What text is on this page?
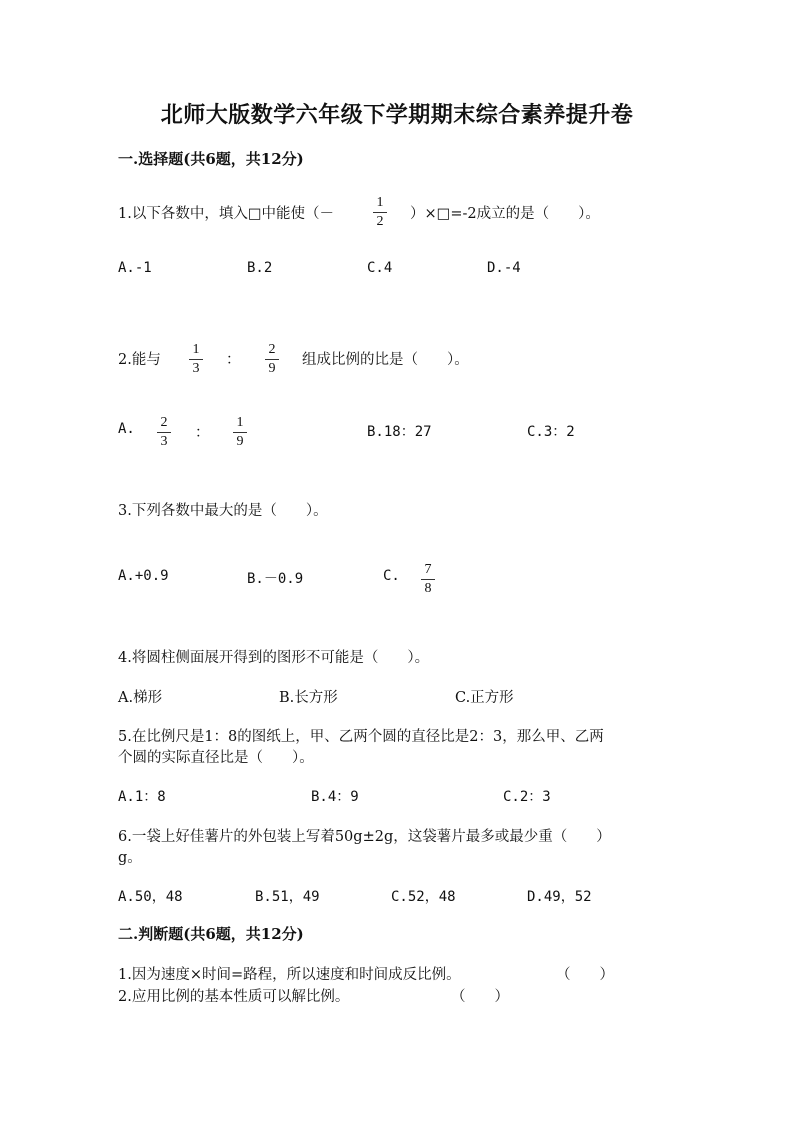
北师大版数学六年级下学期期末综合素养提升卷
一.选择题(共6题，共12分)
1.以下各数中，填入□中能使（－
1
2 ）×□=-2成立的是（　　）。
A.-1	B.2	C.4	D.-4
2.能与
1
3
：
2
9
组成比例的比是（　　）。
A. 2
3
：
1
9
B.18：27	C.3：2
3.下列各数中最大的是（　　）。
A.+0.9	B.－0.9	C. 7
8
4.将圆柱侧面展开得到的图形不可能是（　　）。
A.梯形	B.长方形	C.正方形
5.在比例尺是1：8的图纸上，甲、乙两个圆的直径比是2：3，那么甲、乙两
个圆的实际直径比是（　　）。
A.1：8	B.4：9	C.2：3
6.一袋上好佳薯片的外包装上写着50g±2g，这袋薯片最多或最少重（　　）
g。
A.50，48	B.51，49	C.52，48	D.49，52
二.判断题(共6题，共12分)
1.因为速度×时间=路程，所以速度和时间成反比例。	（　　）
2.应用比例的基本性质可以解比例。	（　　）
